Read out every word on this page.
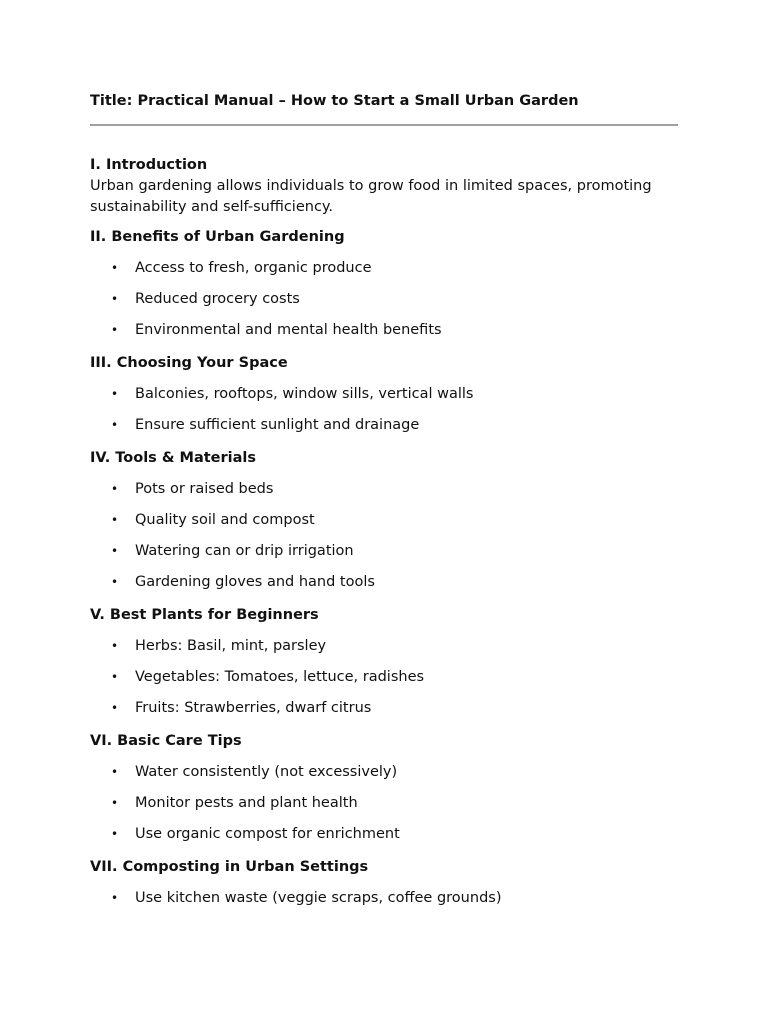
Title: Practical Manual – How to Start a Small Urban Garden
I. Introduction

Urban gardening allows individuals to grow food in limited spaces, promoting sustainability and self-sufficiency.

II. Benefits of Urban Gardening
• Access to fresh, organic produce
• Reduced grocery costs
• Environmental and mental health benefits
III. Choosing Your Space
• Balconies, rooftops, window sills, vertical walls
• Ensure sufficient sunlight and drainage
IV. Tools & Materials
• Pots or raised beds
• Quality soil and compost
• Watering can or drip irrigation
• Gardening gloves and hand tools
V. Best Plants for Beginners
• Herbs: Basil, mint, parsley
• Vegetables: Tomatoes, lettuce, radishes
• Fruits: Strawberries, dwarf citrus
VI. Basic Care Tips
• Water consistently (not excessively)
• Monitor pests and plant health
• Use organic compost for enrichment
VII. Composting in Urban Settings
• Use kitchen waste (veggie scraps, coffee grounds)
